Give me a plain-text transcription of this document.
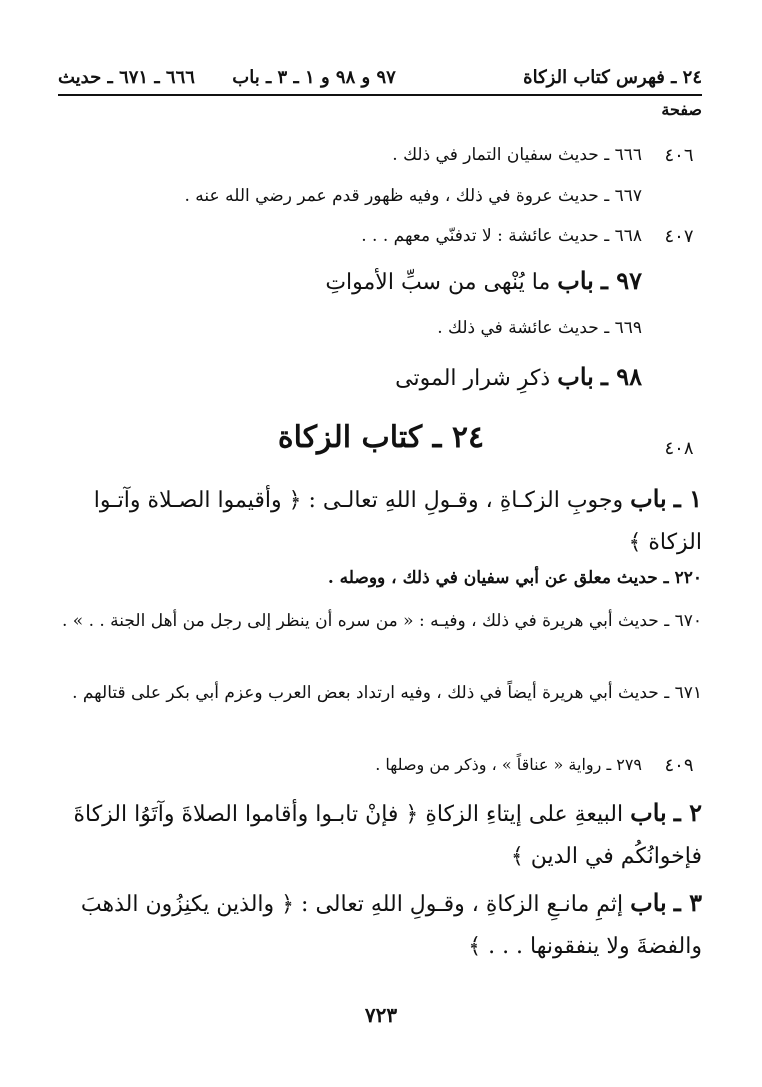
٢٤ ـ فهرس كتاب الزكاة
٩٧ و ٩٨ و ١ ـ ٣ ـ باب
٦٦٦ ـ ٦٧١ ـ حديث
صفحة
٤٠٦
٦٦٦ ـ حديث سفيان التمار في ذلك .
٦٦٧ ـ حديث عروة في ذلك ، وفيه ظهور قدم عمر رضي الله عنه .
٤٠٧
٦٦٨ ـ حديث عائشة : لا تدفنّي معهم . . .
٩٧ ـ باب ما يُنْهى من سبِّ الأمواتِ
٦٦٩ ـ حديث عائشة في ذلك .
٩٨ ـ باب ذكرِ شرار الموتى
٤٠٨
٢٤ ـ كتاب الزكاة
١ ـ باب وجوبِ الزكـاةِ ، وقـولِ اللهِ تعالـى : ﴿ وأقيموا الصـلاة وآتـوا الزكاة ﴾
٢٢٠ ـ حديث معلق عن أبي سفيان في ذلك ، ووصله .
٦٧٠ ـ حديث أبي هريرة في ذلك ، وفيـه : « من سره أن ينظر إلى رجل من أهل الجنة . . » .
٦٧١ ـ حديث أبي هريرة أيضاً في ذلك ، وفيه ارتداد بعض العرب وعزم أبي بكر على قتالهم .
٤٠٩
٢٧٩ ـ رواية « عناقاً » ، وذكر من وصلها .
٢ ـ باب البيعةِ على إيتاءِ الزكاةِ ﴿ فإنْ تابـوا وأقاموا الصلاةَ وآتَوُا الزكاةَ فإخوانُكُم في الدين ﴾
٣ ـ باب إثمِ مانـعِ الزكاةِ ، وقـولِ اللهِ تعالى : ﴿ والذين يكنِزُون الذهبَ والفضةَ ولا ينفقونها . . . ﴾
٧٢٣
